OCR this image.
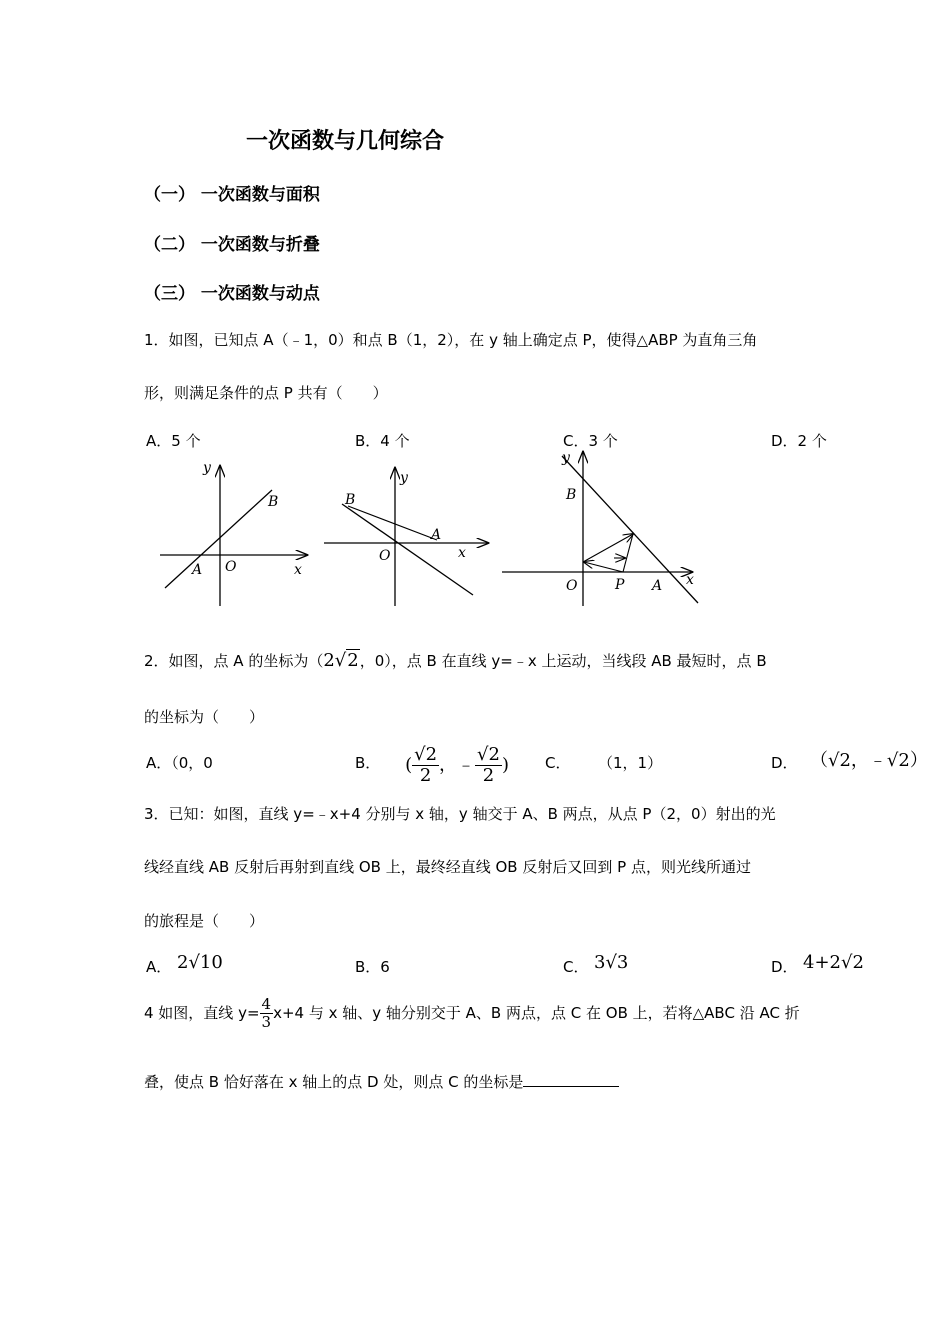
一次函数与几何综合
（一） 一次函数与面积
（二） 一次函数与折叠
（三） 一次函数与动点
1．如图，已知点 A（﹣1，0）和点 B（1，2），在 y 轴上确定点 P，使得△ABP 为直角三角
形，则满足条件的点 P 共有（　　）
A．5 个	B．4 个	C．3 个	D．2 个
y
x
O
A
B
y
x
O
A
B
y
x
O
B
P A
2．如图，点 A 的坐标为（2√2，0），点 B 在直线 y=﹣x 上运动，当线段 AB 最短时，点 B
的坐标为（　　）
A．（0，0	B． ( $\frac{√2}{2}$ ，﹣ $\frac{√2}{2}$ ) C． （1，1）	D． （√2，﹣√2）
3．已知：如图，直线 y=﹣x+4 分别与 x 轴，y 轴交于 A、B 两点，从点 P（2，0）射出的光
线经直线 AB 反射后再射到直线 OB 上，最终经直线 OB 反射后又回到 P 点，则光线所通过
的旅程是（　　）
A． 2√10	B．6	C． 3√3	D． 4+2√2
4 如图，直线 $y= \frac{4}{3} x+4$ 与 x 轴、y 轴分别交于 A、B 两点，点 C 在 OB 上，若将△ABC 沿 AC 折
叠，使点 B 恰好落在 x 轴上的点 D 处，则点 C 的坐标是
